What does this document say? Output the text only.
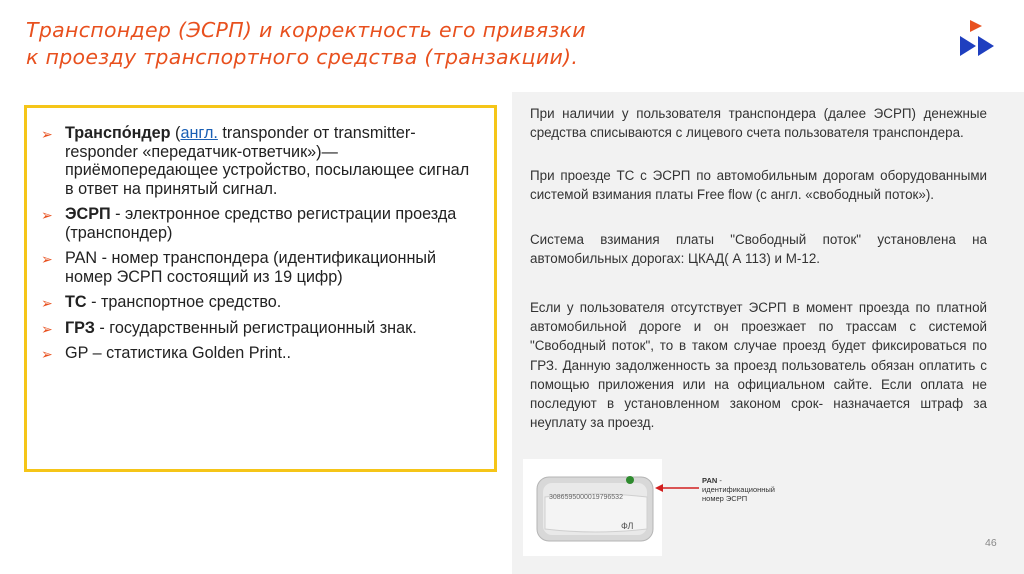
Транспондер (ЭСРП) и корректность его привязки
к проезду транспортного средства (транзакции).
➢ Транспо́ндер (англ. transponder от transmitter-responder «передатчик-ответчик»)— приёмопередающее устройство, посылающее сигнал в ответ на принятый сигнал.
➢ ЭСРП - электронное средство регистрации проезда (транспондер)
➢ PAN - номер транспондера (идентификационный номер ЭСРП состоящий из 19 цифр)
➢ ТС - транспортное средство.
➢ ГРЗ - государственный регистрационный знак.
➢ GP – статистика Golden Print..
При наличии у пользователя транспондера (далее ЭСРП) денежные средства списываются с лицевого счета пользователя транспондера.
При проезде ТС с ЭСРП по автомобильным дорогам оборудованными системой взимания платы Free flow (с англ. «свободный поток»).
Система взимания платы "Свободный поток" установлена на автомобильных дорогах: ЦКАД( А 113) и М-12.
Если у пользователя отсутствует ЭСРП в момент проезда по платной автомобильной дороге и он проезжает по трассам с системой "Свободный поток", то в таком случае проезд будет фиксироваться по ГРЗ. Данную задолженность за проезд пользователь обязан оплатить с помощью приложения или на официальном сайте. Если оплата не последуют в установленном законом срок- назначается штраф за неуплату за проезд.
3086595000019796532
ФЛ
PAN - идентификационный номер ЭСРП
46
